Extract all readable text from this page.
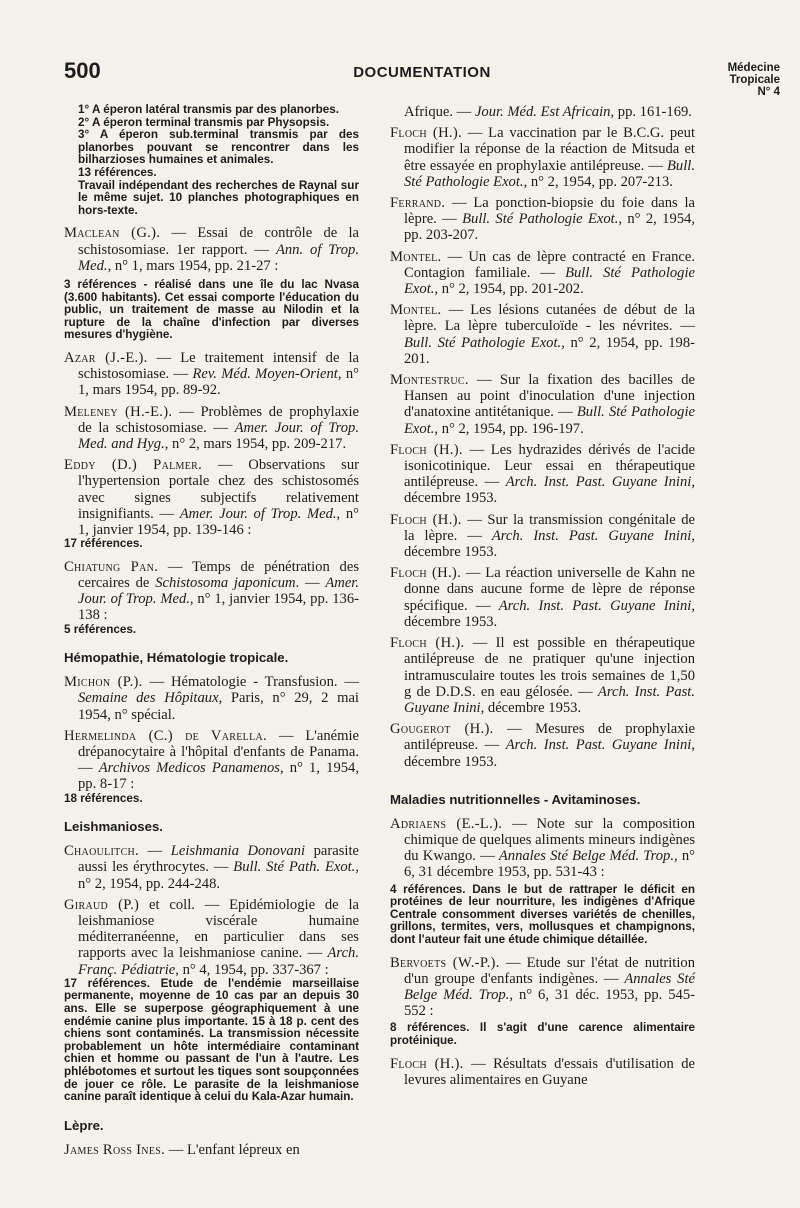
500	DOCUMENTATION	Médecine
Tropicale
N° 4
1° A éperon latéral transmis par des planorbes.
2° A éperon terminal transmis par Physopsis.
3° A éperon sub.terminal transmis par des planorbes pouvant se rencontrer dans les bilharzioses humaines et animales.
13 références.
Travail indépendant des recherches de Raynal sur le même sujet. 10 planches photographiques en hors-texte.

Maclean (G.). — Essai de contrôle de la schistosomiase. 1er rapport. — Ann. of Trop. Med., n° 1, mars 1954, pp. 21-27 :

3 références - réalisé dans une île du lac Nvasa (3.600 habitants). Cet essai comporte l'éducation du public, un traitement de masse au Nilodin et la rupture de la chaîne d'infection par diverses mesures d'hygiène.

Azar (J.-E.). — Le traitement intensif de la schistosomiase. — Rev. Méd. Moyen-Orient, n° 1, mars 1954, pp. 89-92.

Meleney (H.-E.). — Problèmes de prophylaxie de la schistosomiase. — Amer. Jour. of Trop. Med. and Hyg., n° 2, mars 1954, pp. 209-217.

Eddy (D.) Palmer. — Observations sur l'hypertension portale chez des schistosomés avec signes subjectifs relativement insignifiants. — Amer. Jour. of Trop. Med., n° 1, janvier 1954, pp. 139-146 :

17 références.

Chiatung Pan. — Temps de pénétration des cercaires de Schistosoma japonicum. — Amer. Jour. of Trop. Med., n° 1, janvier 1954, pp. 136-138 :

5 références.
Hémopathie, Hématologie tropicale.

Michon (P.). — Hématologie - Transfusion. — Semaine des Hôpitaux, Paris, n° 29, 2 mai 1954, n° spécial.

Hermelinda (C.) de Varella. — L'anémie drépanocytaire à l'hôpital d'enfants de Panama. — Archivos Medicos Panamenos, n° 1, 1954, pp. 8-17 :

18 références.
Leishmanioses.

Chaoulitch. — Leishmania Donovani parasite aussi les érythrocytes. — Bull. Sté Path. Exot., n° 2, 1954, pp. 244-248.

Giraud (P.) et coll. — Epidémiologie de la leishmaniose viscérale humaine méditerranéenne, en particulier dans ses rapports avec la leishmaniose canine. — Arch. Franç. Pédiatrie, n° 4, 1954, pp. 337-367 :

17 références. Etude de l'endémie marseillaise permanente, moyenne de 10 cas par an depuis 30 ans. Elle se superpose géographiquement à une endémie canine plus importante. 15 à 18 p. cent des chiens sont contaminés. La transmission nécessite probablement un hôte intermédiaire contaminant chien et homme ou passant de l'un à l'autre. Les phlébotomes et surtout les tiques sont soupçonnées de jouer ce rôle. Le parasite de la leishmaniose canine paraît identique à celui du Kala-Azar humain.
Lèpre.

James Ross Ines. — L'enfant lépreux en

Afrique. — Jour. Méd. Est Africain, pp. 161-169.

Floch (H.). — La vaccination par le B.C.G. peut modifier la réponse de la réaction de Mitsuda et être essayée en prophylaxie antilépreuse. — Bull. Sté Pathologie Exot., n° 2, 1954, pp. 207-213.

Ferrand. — La ponction-biopsie du foie dans la lèpre. — Bull. Sté Pathologie Exot., n° 2, 1954, pp. 203-207.

Montel. — Un cas de lèpre contracté en France. Contagion familiale. — Bull. Sté Pathologie Exot., n° 2, 1954, pp. 201-202.

Montel. — Les lésions cutanées de début de la lèpre. La lèpre tuberculoïde - les névrites. — Bull. Sté Pathologie Exot., n° 2, 1954, pp. 198-201.

Montestruc. — Sur la fixation des bacilles de Hansen au point d'inoculation d'une injection d'anatoxine antitétanique. — Bull. Sté Pathologie Exot., n° 2, 1954, pp. 196-197.

Floch (H.). — Les hydrazides dérivés de l'acide isonicotinique. Leur essai en thérapeutique antilépreuse. — Arch. Inst. Past. Guyane Inini, décembre 1953.

Floch (H.). — Sur la transmission congénitale de la lèpre. — Arch. Inst. Past. Guyane Inini, décembre 1953.

Floch (H.). — La réaction universelle de Kahn ne donne dans aucune forme de lèpre de réponse spécifique. — Arch. Inst. Past. Guyane Inini, décembre 1953.

Floch (H.). — Il est possible en thérapeutique antilépreuse de ne pratiquer qu'une injection intramusculaire toutes les trois semaines de 1,50 g de D.D.S. en eau gélosée. — Arch. Inst. Past. Guyane Inini, décembre 1953.

Gougerot (H.). — Mesures de prophylaxie antilépreuse. — Arch. Inst. Past. Guyane Inini, décembre 1953.

Maladies nutritionnelles - Avitaminoses.

Adriaens (E.-L.). — Note sur la composition chimique de quelques aliments mineurs indigènes du Kwango. — Annales Sté Belge Méd. Trop., n° 6, 31 décembre 1953, pp. 531-43 :

4 références. Dans le but de rattraper le déficit en protéines de leur nourriture, les indigènes d'Afrique Centrale consomment diverses variétés de chenilles, grillons, termites, vers, mollusques et champignons, dont l'auteur fait une étude chimique détaillée.

Bervoets (W.-P.). — Etude sur l'état de nutrition d'un groupe d'enfants indigènes. — Annales Sté Belge Méd. Trop., n° 6, 31 déc. 1953, pp. 545-552 :

8 références. Il s'agit d'une carence alimentaire protéinique.

Floch (H.). — Résultats d'essais d'utilisation de levures alimentaires en Guyane
